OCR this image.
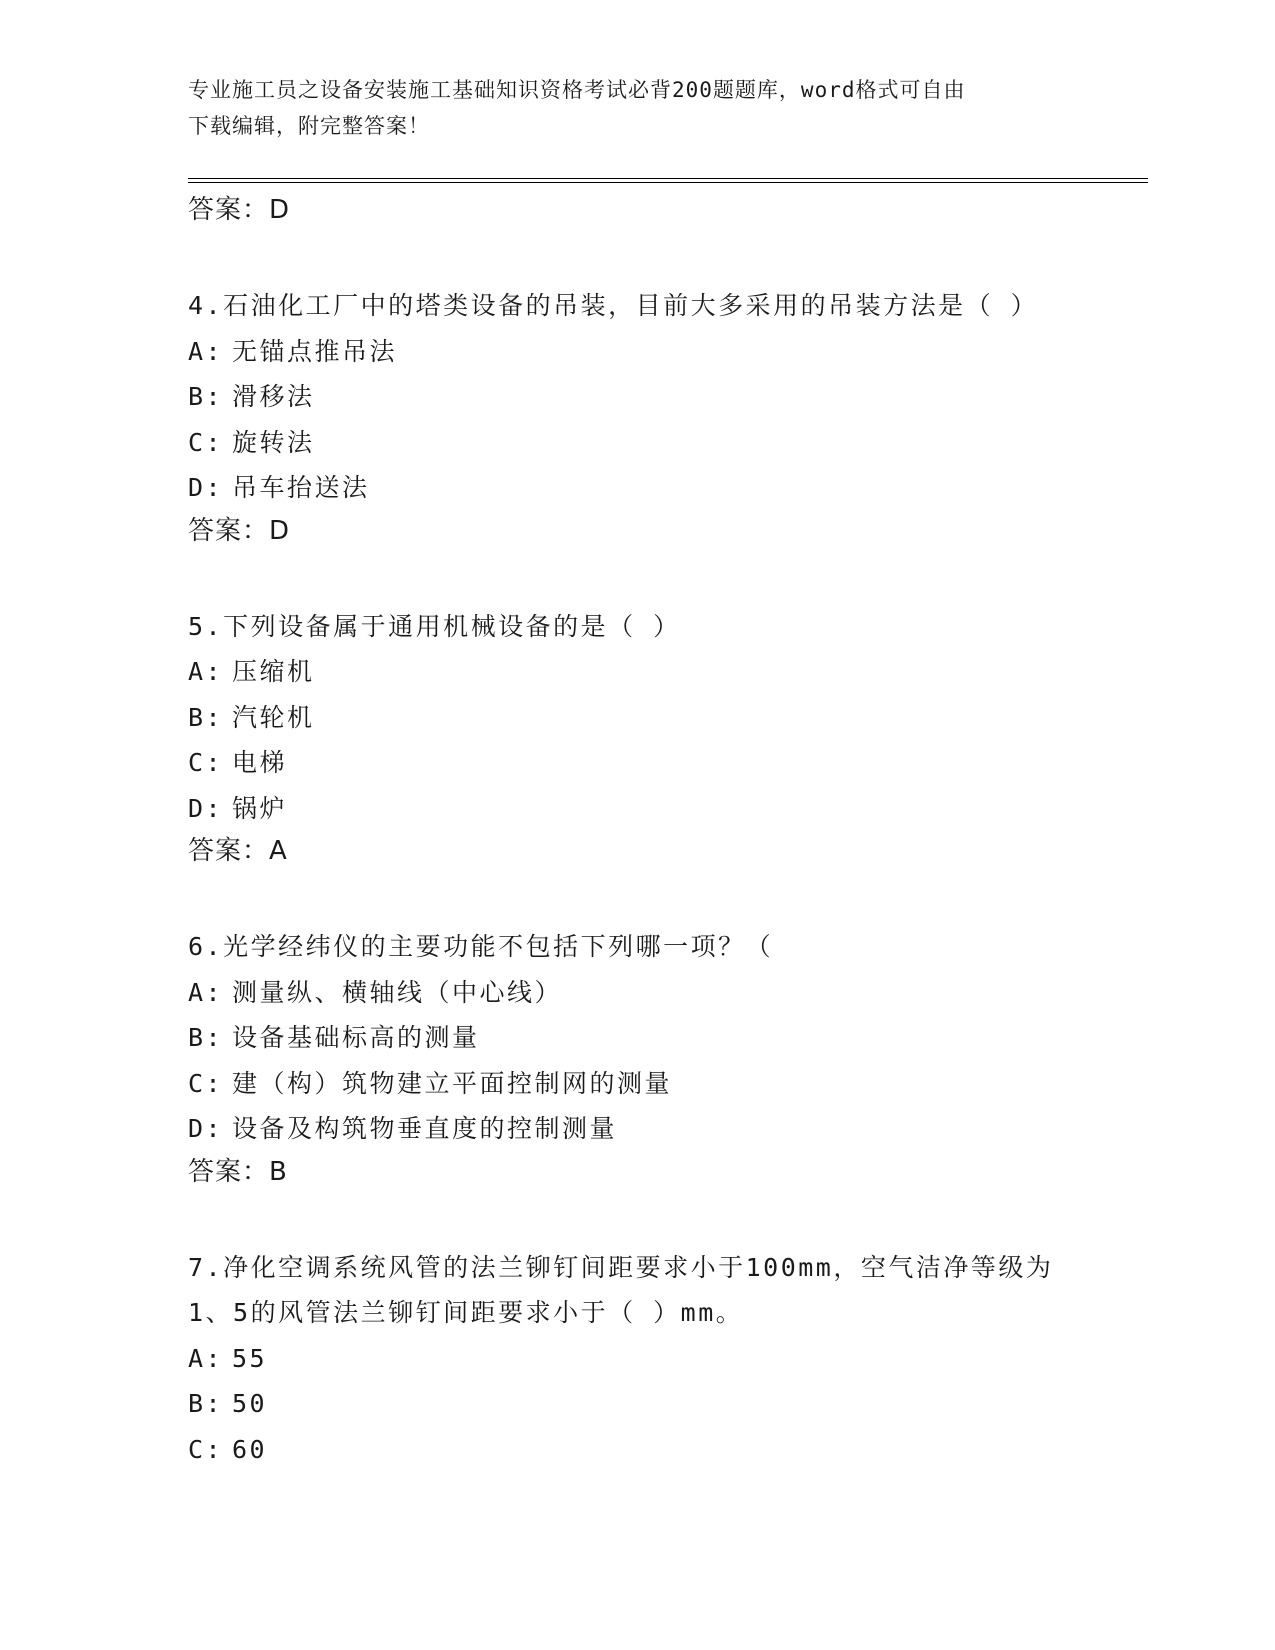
专业施工员之设备安装施工基础知识资格考试必背200题题库，word格式可自由
下载编辑，附完整答案！
答案：D
4.石油化工厂中的塔类设备的吊装，目前大多采用的吊装方法是（ ）
A: 无锚点推吊法
B: 滑移法
C: 旋转法
D: 吊车抬送法
答案：D
5.下列设备属于通用机械设备的是（ ）
A: 压缩机
B: 汽轮机
C: 电梯
D: 锅炉
答案：A
6.光学经纬仪的主要功能不包括下列哪一项？（
A: 测量纵、横轴线（中心线）
B: 设备基础标高的测量
C: 建（构）筑物建立平面控制网的测量
D: 设备及构筑物垂直度的控制测量
答案：B
7.净化空调系统风管的法兰铆钉间距要求小于100mm，空气洁净等级为
1、5的风管法兰铆钉间距要求小于（ ）mm。
A: 55
B: 50
C: 60
